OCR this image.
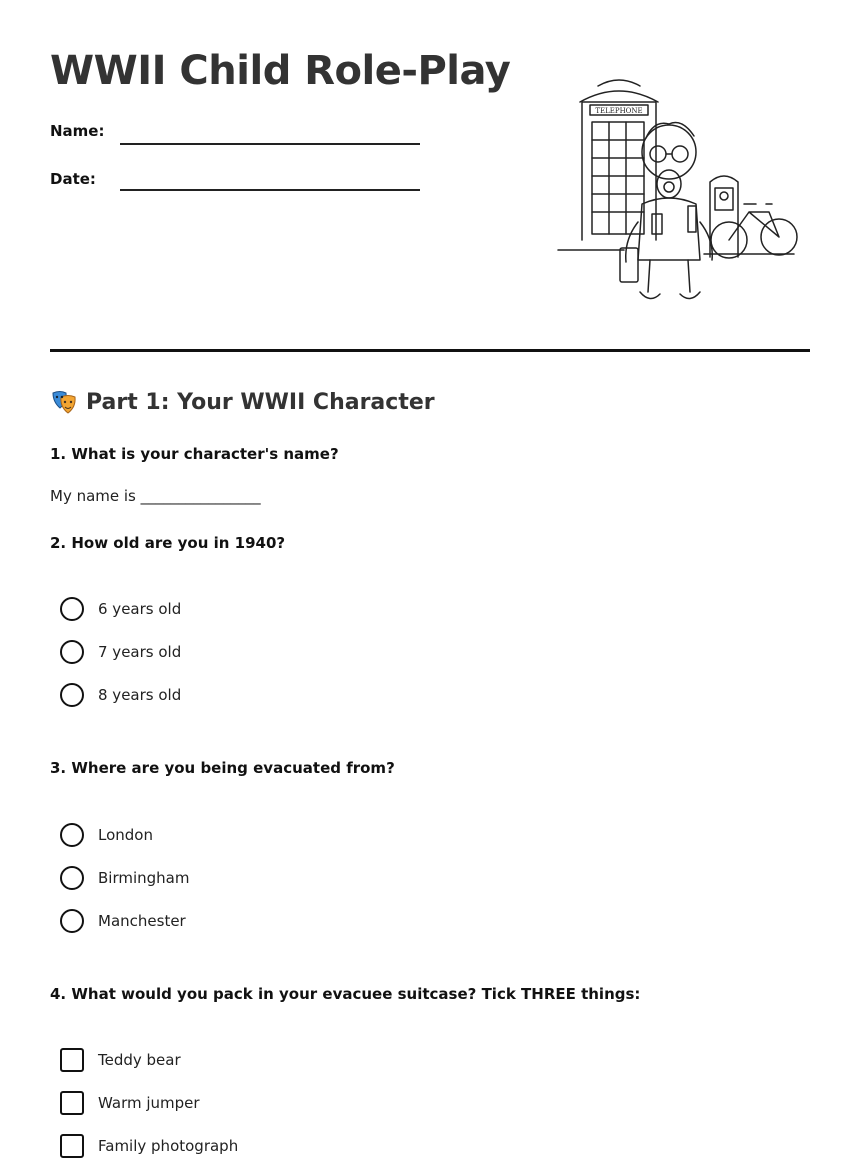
WWII Child Role-Play
Name:
Date:
TELEPHONE
Part 1: Your WWII Character
1. What is your character's name?
My name is ________________
2. How old are you in 1940?
6 years old
7 years old
8 years old
3. Where are you being evacuated from?
London
Birmingham
Manchester
4. What would you pack in your evacuee suitcase? Tick THREE things:
Teddy bear
Warm jumper
Family photograph
